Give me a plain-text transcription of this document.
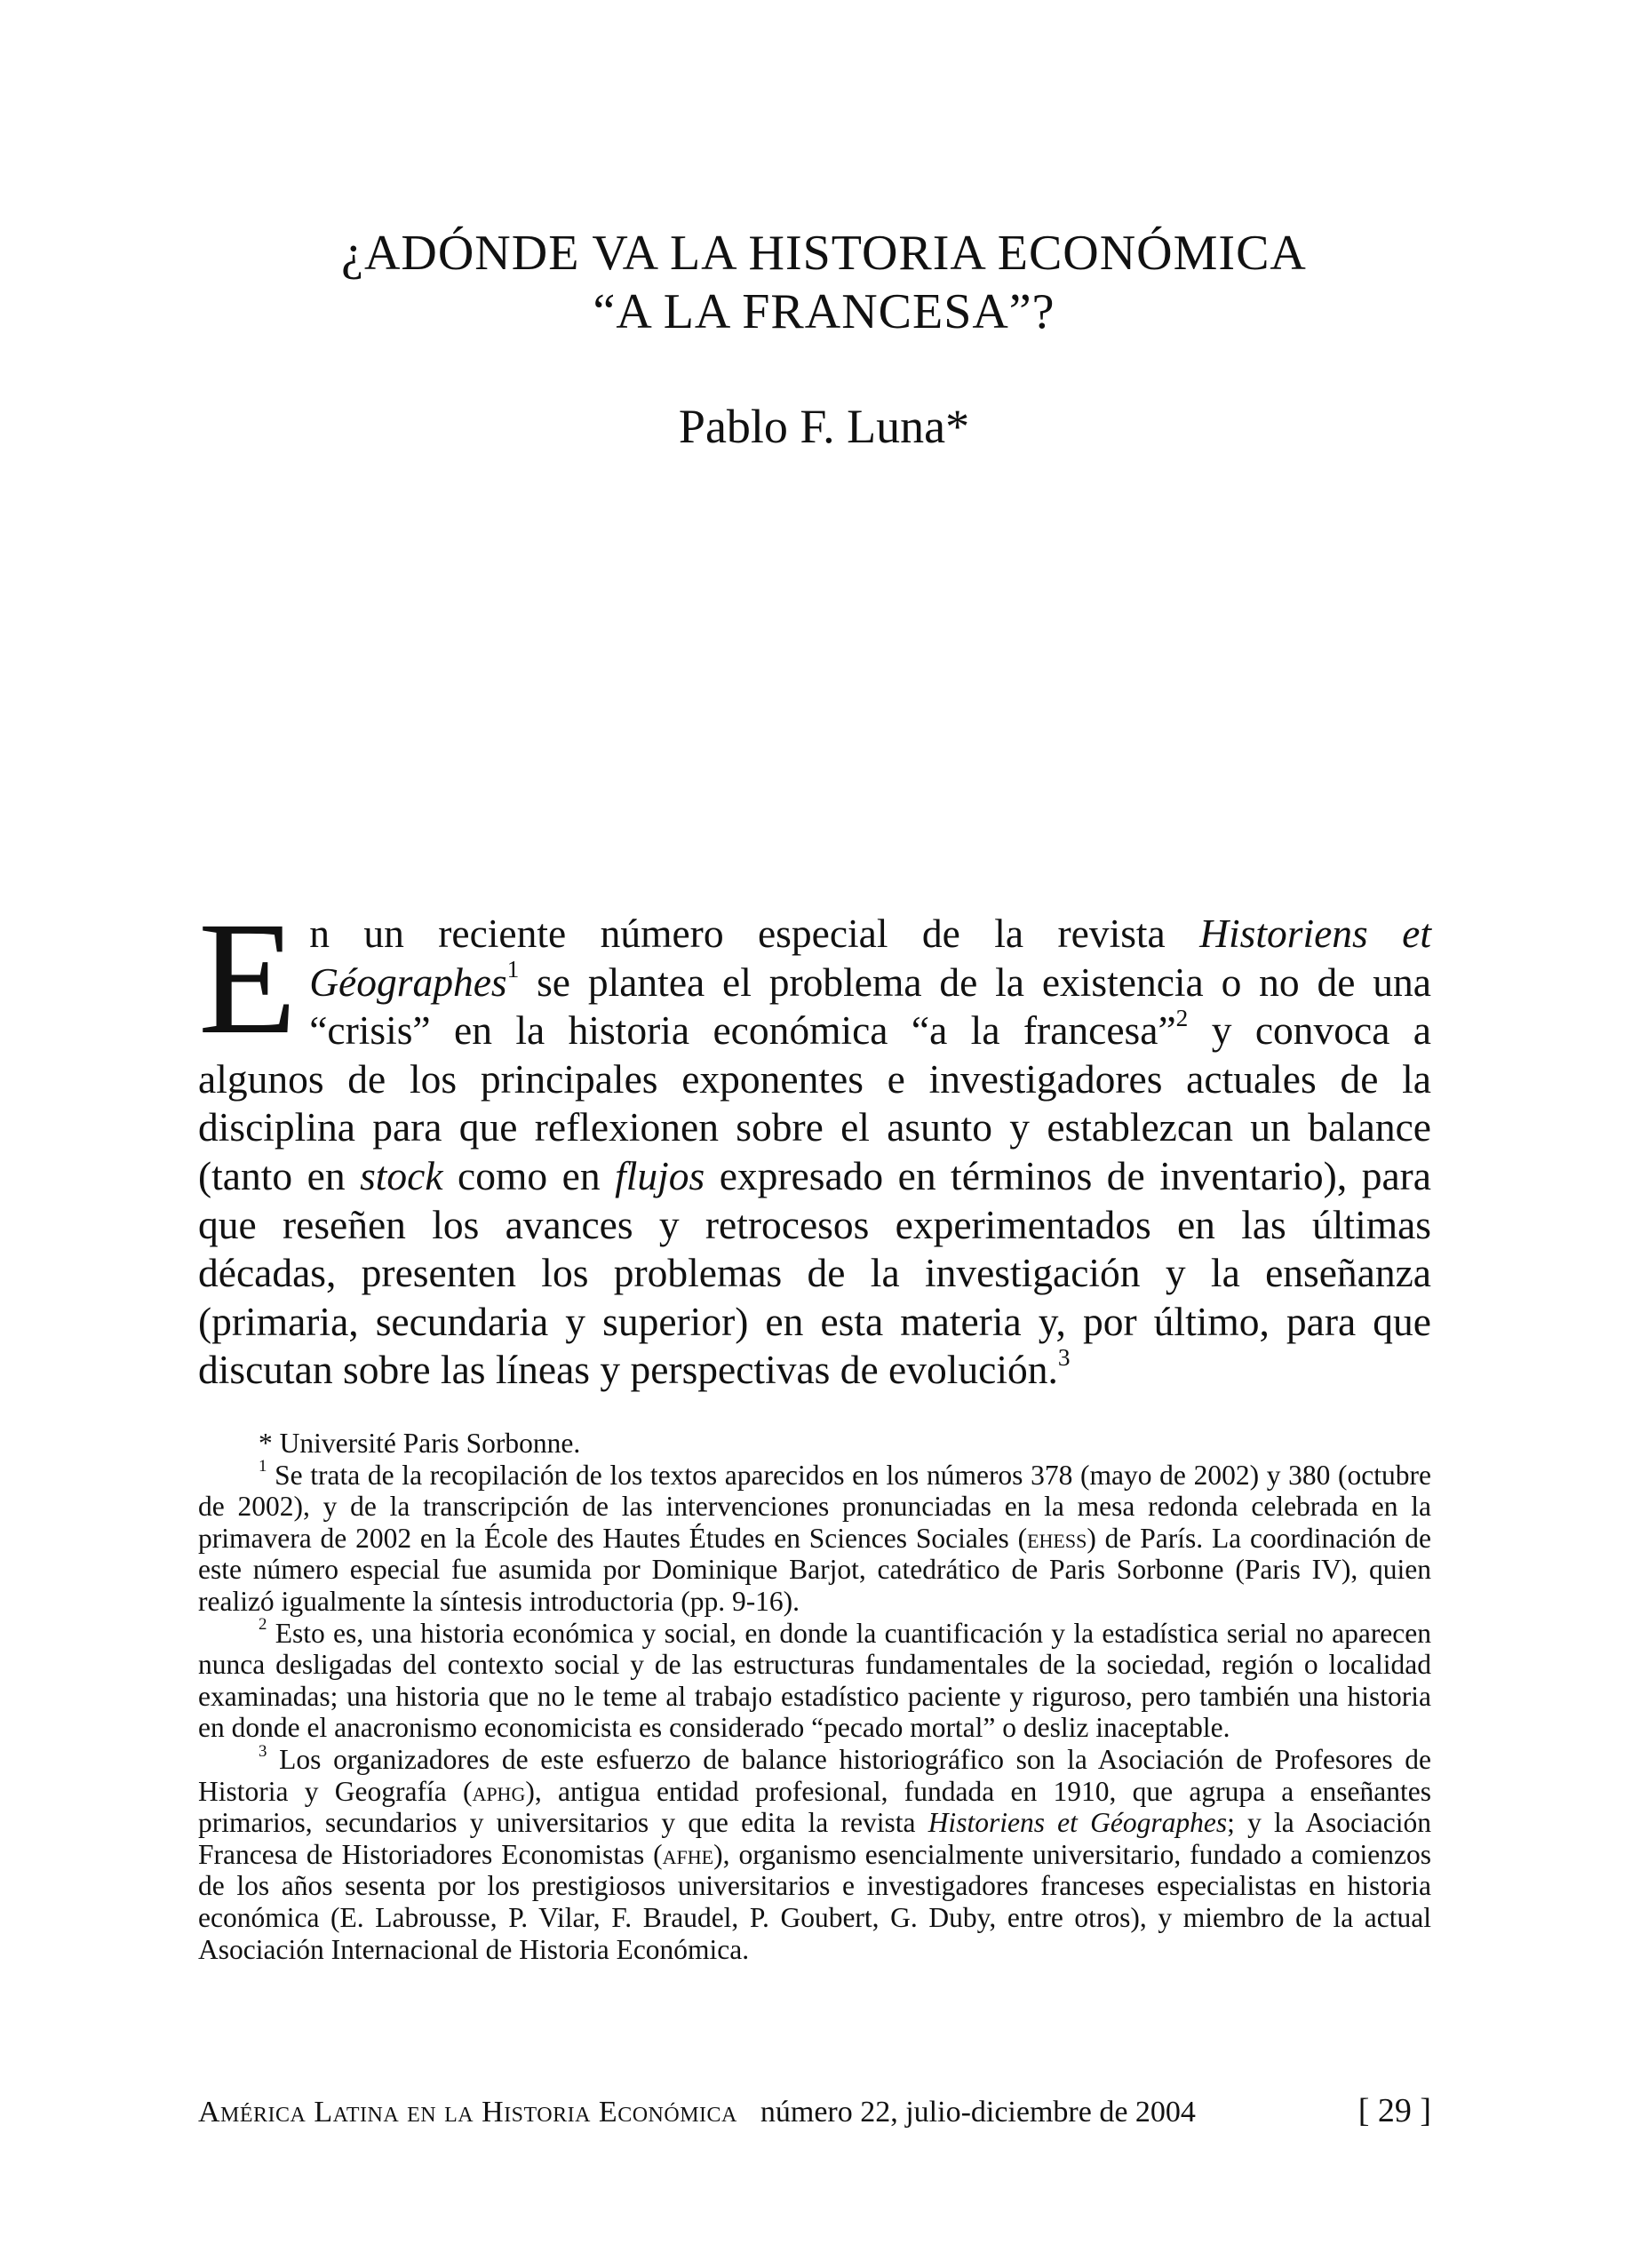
¿ADÓNDE VA LA HISTORIA ECONÓMICA
“A LA FRANCESA”?
Pablo F. Luna*
En un reciente número especial de la revista Historiens et Géographes$^1$ se plantea el problema de la existencia o no de una “crisis” en la historia económica “a la francesa”$^2$ y convoca a algunos de los principales exponentes e investigadores actuales de la disciplina para que reflexionen sobre el asunto y establezcan un balance (tanto en stock como en flujos expresado en términos de inventario), para que reseñen los avances y retrocesos experimentados en las últimas décadas, presenten los problemas de la investigación y la enseñanza (primaria, secundaria y superior) en esta materia y, por último, para que discutan sobre las líneas y perspectivas de evolución.$^3$

* Université Paris Sorbonne.

$^1$ Se trata de la recopilación de los textos aparecidos en los números 378 (mayo de 2002) y 380 (octubre de 2002), y de la transcripción de las intervenciones pronunciadas en la mesa redonda celebrada en la primavera de 2002 en la École des Hautes Études en Sciences Sociales (ehess) de París. La coordinación de este número especial fue asumida por Dominique Barjot, catedrático de Paris Sorbonne (Paris IV), quien realizó igualmente la síntesis introductoria (pp. 9-16).

$^2$ Esto es, una historia económica y social, en donde la cuantificación y la estadística serial no aparecen nunca desligadas del contexto social y de las estructuras fundamentales de la sociedad, región o localidad examinadas; una historia que no le teme al trabajo estadístico paciente y riguroso, pero también una historia en donde el anacronismo economicista es considerado “pecado mortal” o desliz inaceptable.

$^3$ Los organizadores de este esfuerzo de balance historiográfico son la Asociación de Profesores de Historia y Geografía (aphg), antigua entidad profesional, fundada en 1910, que agrupa a enseñantes primarios, secundarios y universitarios y que edita la revista Historiens et Géographes; y la Asociación Francesa de Historiadores Economistas (afhe), organismo esencialmente universitario, fundado a comienzos de los años sesenta por los prestigiosos universitarios e investigadores franceses especialistas en historia económica (E. Labrousse, P. Vilar, F. Braudel, P. Goubert, G. Duby, entre otros), y miembro de la actual Asociación Internacional de Historia Económica.

América Latina en la Historia Económica número 22, julio-diciembre de 2004	[ 29 ]
